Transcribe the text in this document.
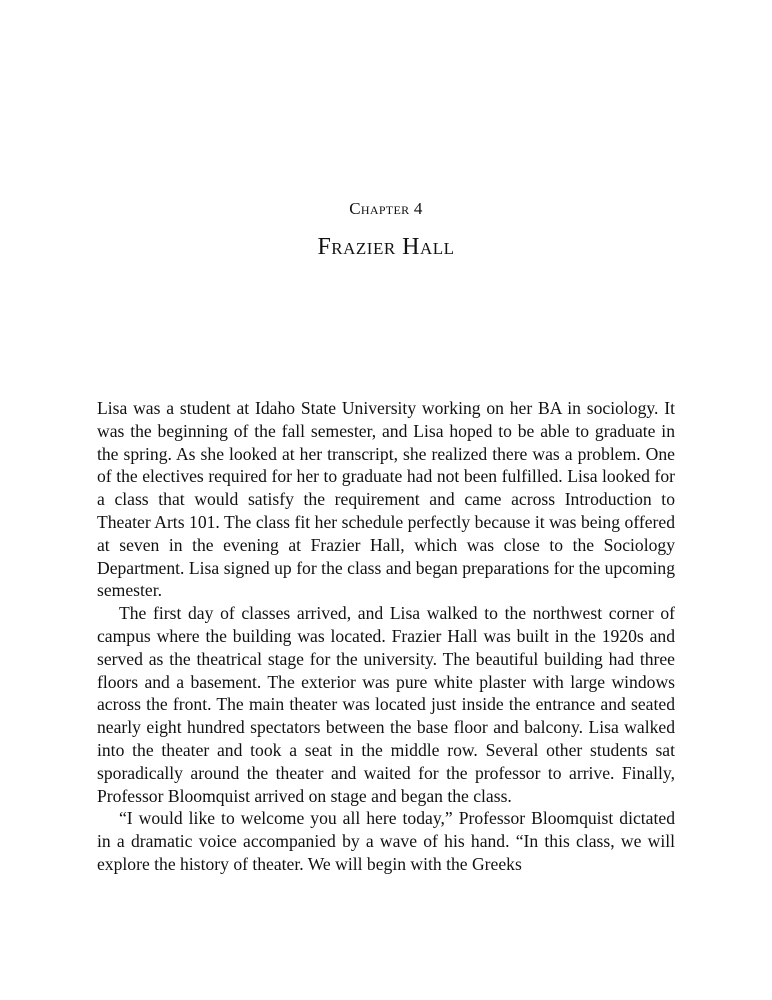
Chapter 4
Frazier Hall

Lisa was a student at Idaho State University working on her BA in sociology. It was the beginning of the fall semester, and Lisa hoped to be able to graduate in the spring. As she looked at her transcript, she realized there was a problem. One of the electives required for her to graduate had not been fulfilled. Lisa looked for a class that would satisfy the requirement and came across Introduction to Theater Arts 101. The class fit her schedule perfectly because it was being offered at seven in the evening at Frazier Hall, which was close to the Sociology Department. Lisa signed up for the class and began preparations for the upcoming semester.

The first day of classes arrived, and Lisa walked to the northwest corner of campus where the building was located. Frazier Hall was built in the 1920s and served as the theatrical stage for the university. The beautiful building had three floors and a basement. The exterior was pure white plaster with large windows across the front. The main theater was located just inside the entrance and seated nearly eight hundred spectators between the base floor and balcony. Lisa walked into the theater and took a seat in the middle row. Several other students sat sporadically around the theater and waited for the professor to arrive. Finally, Professor Bloomquist arrived on stage and began the class.

“I would like to welcome you all here today,” Professor Bloomquist dictated in a dramatic voice accompanied by a wave of his hand. “In this class, we will explore the history of theater. We will begin with the Greeks
